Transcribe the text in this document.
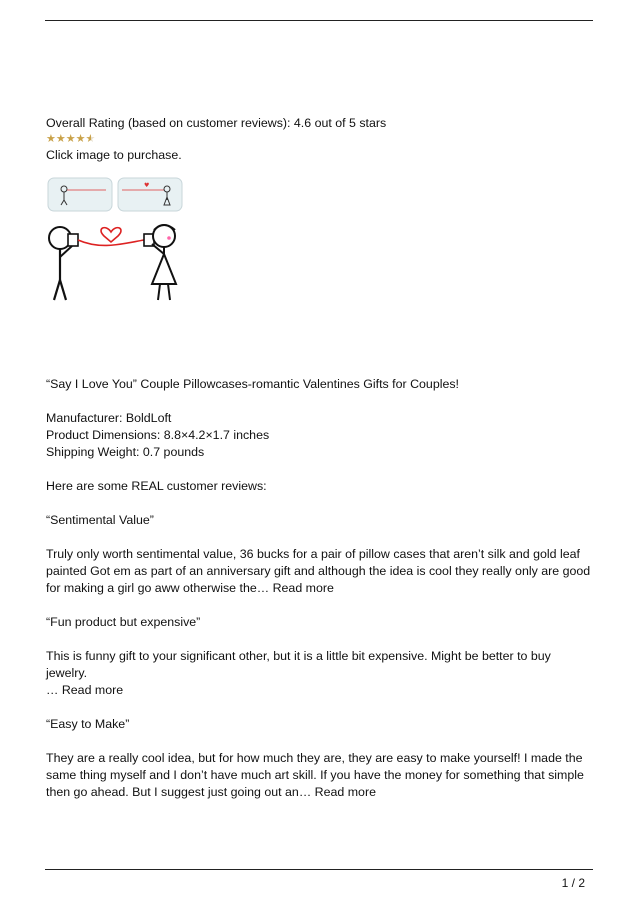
Overall Rating (based on customer reviews): 4.6 out of 5 stars

★ ★ ★ ★ ★

Click image to purchase.

♥

“Say I Love You” Couple Pillowcases-romantic Valentines Gifts for Couples!

Manufacturer: BoldLoft

Product Dimensions: 8.8×4.2×1.7 inches

Shipping Weight: 0.7 pounds

Here are some REAL customer reviews:

“Sentimental Value”

Truly only worth sentimental value, 36 bucks for a pair of pillow cases that aren’t silk and gold leaf painted Got em as part of an anniversary gift and although the idea is cool they really only are good for making a girl go aww otherwise the… Read more

“Fun product but expensive”

This is funny gift to your significant other, but it is a little bit expensive. Might be better to buy jewelry.

… Read more

“Easy to Make”

They are a really cool idea, but for how much they are, they are easy to make yourself! I made the same thing myself and I don’t have much art skill. If you have the money for something that simple then go ahead. But I suggest just going out an… Read more

1 / 2
